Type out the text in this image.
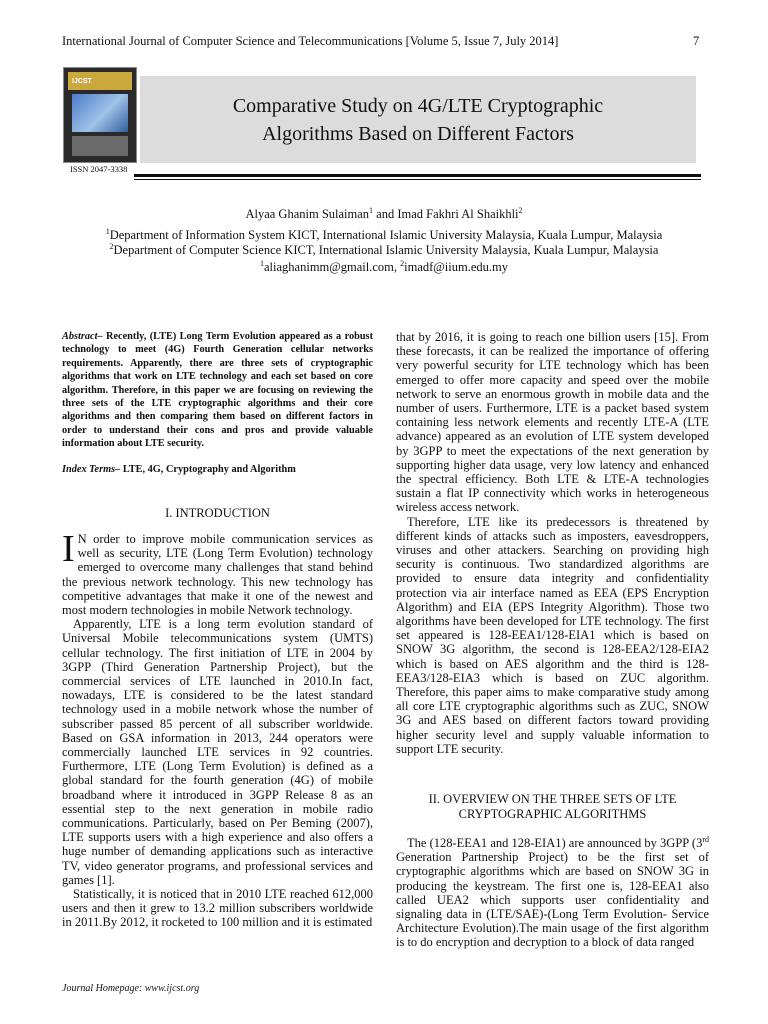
International Journal of Computer Science and Telecommunications [Volume 5, Issue 7, July 2014]	7
IJCST
ISSN 2047-3338
Comparative Study on 4G/LTE Cryptographic
Algorithms Based on Different Factors
Alyaa Ghanim Sulaiman$^1$ and Imad Fakhri Al Shaikhli$^2$
$^1$Department of Information System KICT, International Islamic University Malaysia, Kuala Lumpur, Malaysia
$^2$Department of Computer Science KICT, International Islamic University Malaysia, Kuala Lumpur, Malaysia
$^1$aliaghanimm@gmail.com, $^2$imadf@iium.edu.my
Abstract– Recently, (LTE) Long Term Evolution appeared as a robust technology to meet (4G) Fourth Generation cellular networks requirements. Apparently, there are three sets of cryptographic algorithms that work on LTE technology and each set based on core algorithm. Therefore, in this paper we are focusing on reviewing the three sets of the LTE cryptographic algorithms and their core algorithms and then comparing them based on different factors in order to understand their cons and pros and provide valuable information about LTE security.
Index Terms– LTE, 4G, Cryptography and Algorithm
I. INTRODUCTION

I N order to improve mobile communication services as well as security, LTE (Long Term Evolution) technology emerged to overcome many challenges that stand behind the previous network technology. This new technology has competitive advantages that make it one of the newest and most modern technologies in mobile Network technology.

Apparently, LTE is a long term evolution standard of Universal Mobile telecommunications system (UMTS) cellular technology. The first initiation of LTE in 2004 by 3GPP (Third Generation Partnership Project), but the commercial services of LTE launched in 2010.In fact, nowadays, LTE is considered to be the latest standard technology used in a mobile network whose the number of subscriber passed 85 percent of all subscriber worldwide. Based on GSA information in 2013, 244 operators were commercially launched LTE services in 92 countries. Furthermore, LTE (Long Term Evolution) is defined as a global standard for the fourth generation (4G) of mobile broadband where it introduced in 3GPP Release 8 as an essential step to the next generation in mobile radio communications. Particularly, based on Per Beming (2007), LTE supports users with a high experience and also offers a huge number of demanding applications such as interactive TV, video generator programs, and professional services and games [1].

Statistically, it is noticed that in 2010 LTE reached 612,000 users and then it grew to 13.2 million subscribers worldwide in 2011.By 2012, it rocketed to 100 million and it is estimated

that by 2016, it is going to reach one billion users [15]. From these forecasts, it can be realized the importance of offering very powerful security for LTE technology which has been emerged to offer more capacity and speed over the mobile network to serve an enormous growth in mobile data and the number of users. Furthermore, LTE is a packet based system containing less network elements and recently LTE-A (LTE advance) appeared as an evolution of LTE system developed by 3GPP to meet the expectations of the next generation by supporting higher data usage, very low latency and enhanced the spectral efficiency. Both LTE & LTE-A technologies sustain a flat IP connectivity which works in heterogeneous wireless access network.

Therefore, LTE like its predecessors is threatened by different kinds of attacks such as imposters, eavesdroppers, viruses and other attackers. Searching on providing high security is continuous. Two standardized algorithms are provided to ensure data integrity and confidentiality protection via air interface named as EEA (EPS Encryption Algorithm) and EIA (EPS Integrity Algorithm). Those two algorithms have been developed for LTE technology. The first set appeared is 128-EEA1/128-EIA1 which is based on SNOW 3G algorithm, the second is 128-EEA2/128-EIA2 which is based on AES algorithm and the third is 128-EEA3/128-EIA3 which is based on ZUC algorithm. Therefore, this paper aims to make comparative study among all core LTE cryptographic algorithms such as ZUC, SNOW 3G and AES based on different factors toward providing higher security level and supply valuable information to support LTE security.

II. OVERVIEW ON THE THREE SETS OF LTE
CRYPTOGRAPHIC ALGORITHMS

The (128-EEA1 and 128-EIA1) are announced by 3GPP (3rd Generation Partnership Project) to be the first set of cryptographic algorithms which are based on SNOW 3G in producing the keystream. The first one is, 128-EEA1 also called UEA2 which supports user confidentiality and signaling data in (LTE/SAE)-(Long Term Evolution- Service Architecture Evolution).The main usage of the first algorithm is to do encryption and decryption to a block of data ranged

Journal Homepage: www.ijcst.org
